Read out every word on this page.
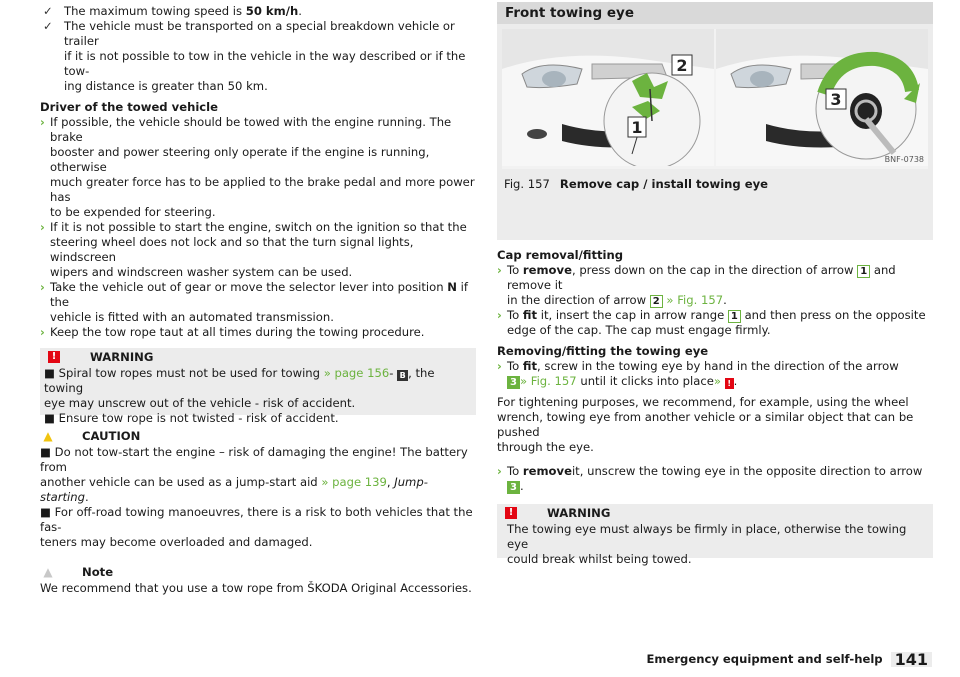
✓ The maximum towing speed is 50 km/h.

✓ The vehicle must be transported on a special breakdown vehicle or trailer
if it is not possible to tow in the vehicle in the way described or if the tow-
ing distance is greater than 50 km.

Driver of the towed vehicle

› If possible, the vehicle should be towed with the engine running. The brake
booster and power steering only operate if the engine is running, otherwise
much greater force has to be applied to the brake pedal and more power has
to be expended for steering.

› If it is not possible to start the engine, switch on the ignition so that the
steering wheel does not lock and so that the turn signal lights, windscreen
wipers and windscreen washer system can be used.

› Take the vehicle out of gear or move the selector lever into position N if the
vehicle is fitted with an automated transmission.

› Keep the tow rope taut at all times during the towing procedure.

!	WARNING

■ Spiral tow ropes must not be used for towing » page 156- B , the towing

eye may unscrew out of the vehicle - risk of accident.

■ Ensure tow rope is not twisted - risk of accident.

▲	CAUTION

■ Do not tow-start the engine – risk of damaging the engine! The battery from

another vehicle can be used as a jump-start aid » page 139, Jump-starting.

■ For off-road towing manoeuvres, there is a risk to both vehicles that the fas-

teners may become overloaded and damaged.

▲	Note

We recommend that you use a tow rope from ŠKODA Original Accessories.

Front towing eye
1
2
3
BNF-0738
Fig. 157 Remove cap / install towing eye

Cap removal/fitting

› To remove, press down on the cap in the direction of arrow 1 and remove it
in the direction of arrow 2 » Fig. 157.

› To fit it, insert the cap in arrow range 1 and then press on the opposite
edge of the cap. The cap must engage firmly.

Removing/fitting the towing eye

› To fit, screw in the towing eye by hand in the direction of the arrow
3 » Fig. 157 until it clicks into place» ! .

For tightening purposes, we recommend, for example, using the wheel
wrench, towing eye from another vehicle or a similar object that can be pushed
through the eye.

› To removeit, unscrew the towing eye in the opposite direction to arrow 3 .

!	WARNING

The towing eye must always be firmly in place, otherwise the towing eye

could break whilst being towed.

Emergency equipment and self-help 141
